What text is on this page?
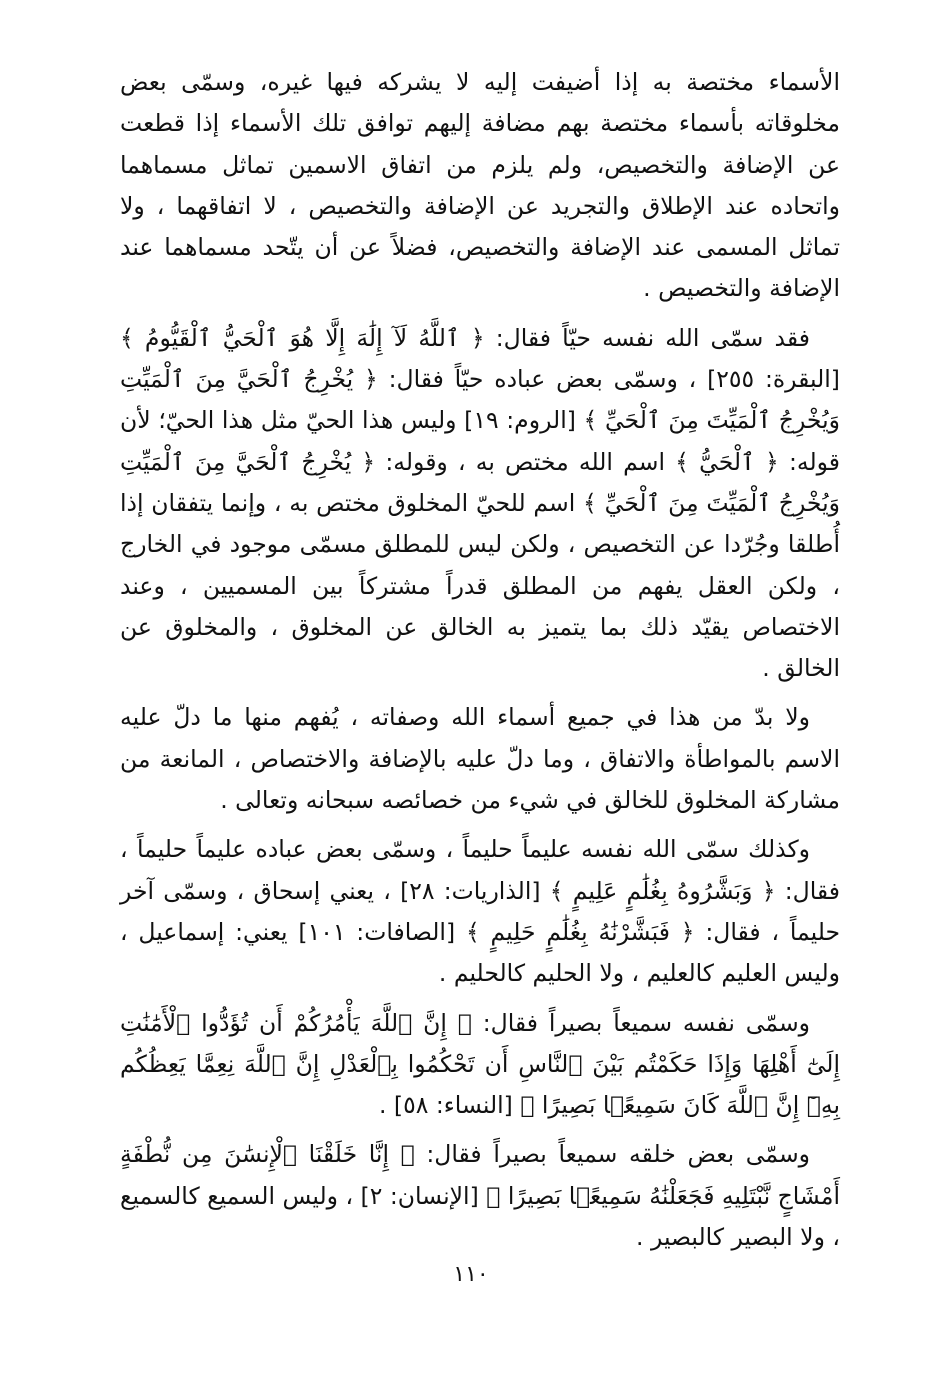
الأسماء مختصة به إذا أضيفت إليه لا يشركه فيها غيره، وسمّى بعض مخلوقاته بأسماء مختصة بهم مضافة إليهم توافق تلك الأسماء إذا قطعت عن الإضافة والتخصيص، ولم يلزم من اتفاق الاسمين تماثل مسماهما واتحاده عند الإطلاق والتجريد عن الإضافة والتخصيص ، لا اتفاقهما ، ولا تماثل المسمى عند الإضافة والتخصيص، فضلاً عن أن يتّحد مسماهما عند الإضافة والتخصيص .

فقد سمّى الله نفسه حيّاً فقال: ﴿ ٱللَّهُ لَآ إِلَٰهَ إِلَّا هُوَ ٱلْحَيُّ ٱلْقَيُّومُ ﴾ [البقرة: ٢٥٥] ، وسمّى بعض عباده حيّاً فقال: ﴿ يُخْرِجُ ٱلْحَيَّ مِنَ ٱلْمَيِّتِ وَيُخْرِجُ ٱلْمَيِّتَ مِنَ ٱلْحَيِّ ﴾ [الروم: ١٩] وليس هذا الحيّ مثل هذا الحيّ؛ لأن قوله: ﴿ ٱلْحَيُّ ﴾ اسم الله مختص به ، وقوله: ﴿ يُخْرِجُ ٱلْحَيَّ مِنَ ٱلْمَيِّتِ وَيُخْرِجُ ٱلْمَيِّتَ مِنَ ٱلْحَيِّ ﴾ اسم للحيّ المخلوق مختص به ، وإنما يتفقان إذا أُطلقا وجُرّدا عن التخصيص ، ولكن ليس للمطلق مسمّى موجود في الخارج ، ولكن العقل يفهم من المطلق قدراً مشتركاً بين المسميين ، وعند الاختصاص يقيّد ذلك بما يتميز به الخالق عن المخلوق ، والمخلوق عن الخالق .

ولا بدّ من هذا في جميع أسماء الله وصفاته ، يُفهم منها ما دلّ عليه الاسم بالمواطأة والاتفاق ، وما دلّ عليه بالإضافة والاختصاص ، المانعة من مشاركة المخلوق للخالق في شيء من خصائصه سبحانه وتعالى .

وكذلك سمّى الله نفسه عليماً حليماً ، وسمّى بعض عباده عليماً حليماً ، فقال: ﴿ وَبَشَّرُوهُ بِغُلَٰمٍ عَلِيمٍ ﴾ [الذاريات: ٢٨] ، يعني إسحاق ، وسمّى آخر حليماً ، فقال: ﴿ فَبَشَّرْنَٰهُ بِغُلَٰمٍ حَلِيمٍ ﴾ [الصافات: ١٠١] يعني: إسماعيل ، وليس العليم كالعليم ، ولا الحليم كالحليم .

وسمّى نفسه سميعاً بصيراً فقال: ﴿ إِنَّ ٱللَّهَ يَأْمُرُكُمْ أَن تُؤَدُّوا ٱلْأَمَٰنَٰتِ إِلَىٰٓ أَهْلِهَا وَإِذَا حَكَمْتُم بَيْنَ ٱلنَّاسِ أَن تَحْكُمُوا بِٱلْعَدْلِ إِنَّ ٱللَّهَ نِعِمَّا يَعِظُكُم بِهِۦٓ إِنَّ ٱللَّهَ كَانَ سَمِيعًۢا بَصِيرًا ﴾ [النساء: ٥٨] .

وسمّى بعض خلقه سميعاً بصيراً فقال: ﴿ إِنَّا خَلَقْنَا ٱلْإِنسَٰنَ مِن نُّطْفَةٍ أَمْشَاجٍ نَّبْتَلِيهِ فَجَعَلْنَٰهُ سَمِيعًۢا بَصِيرًا ﴾ [الإنسان: ٢] ، وليس السميع كالسميع ، ولا البصير كالبصير .

١١٠
